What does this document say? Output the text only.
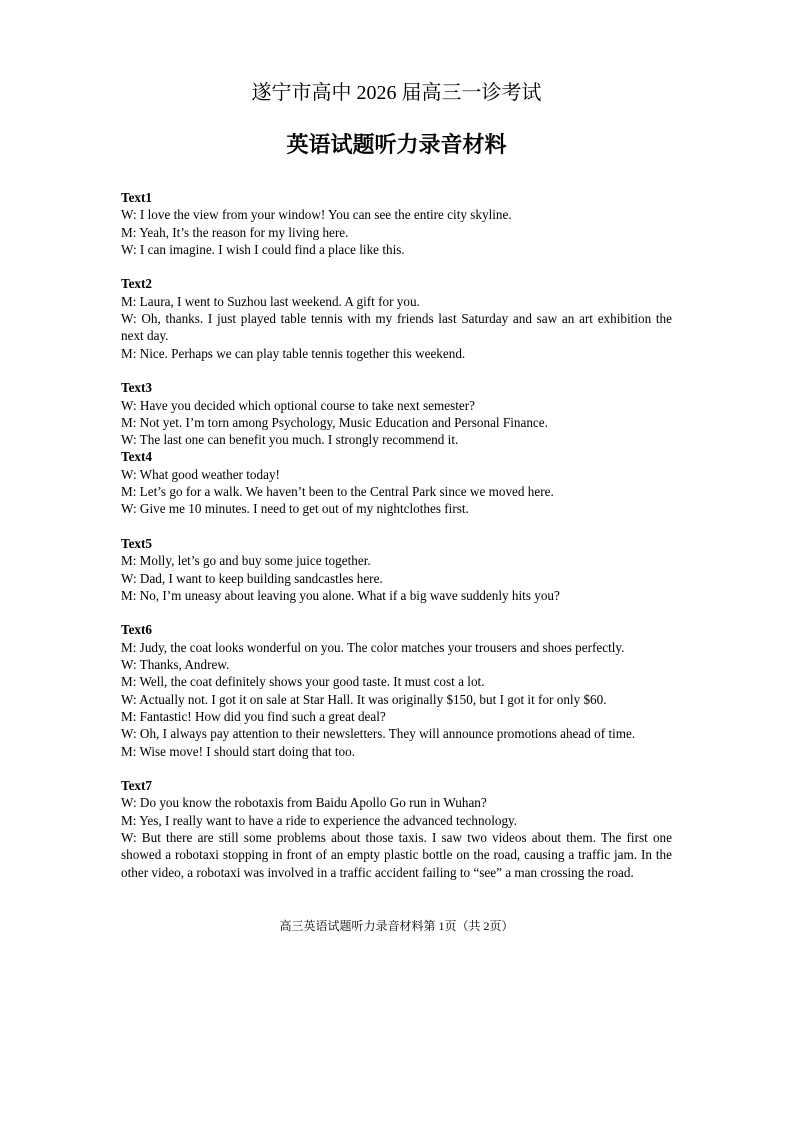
遂宁市高中 2026 届高三一诊考试
英语试题听力录音材料
Text1
W: I love the view from your window! You can see the entire city skyline.
M: Yeah, It’s the reason for my living here.
W: I can imagine. I wish I could find a place like this.
Text2
M: Laura, I went to Suzhou last weekend. A gift for you.
W: Oh, thanks. I just played table tennis with my friends last Saturday and saw an art exhibition the next day.
M: Nice. Perhaps we can play table tennis together this weekend.
Text3
W: Have you decided which optional course to take next semester?
M: Not yet. I’m torn among Psychology, Music Education and Personal Finance.
W: The last one can benefit you much. I strongly recommend it.
Text4
W: What good weather today!
M: Let’s go for a walk. We haven’t been to the Central Park since we moved here.
W: Give me 10 minutes. I need to get out of my nightclothes first.
Text5
M: Molly, let’s go and buy some juice together.
W: Dad, I want to keep building sandcastles here.
M: No, I’m uneasy about leaving you alone. What if a big wave suddenly hits you?
Text6
M: Judy, the coat looks wonderful on you. The color matches your trousers and shoes perfectly.
W: Thanks, Andrew.
M: Well, the coat definitely shows your good taste. It must cost a lot.
W: Actually not. I got it on sale at Star Hall. It was originally $150, but I got it for only $60.
M: Fantastic! How did you find such a great deal?
W: Oh, I always pay attention to their newsletters. They will announce promotions ahead of time.
M: Wise move! I should start doing that too.
Text7
W: Do you know the robotaxis from Baidu Apollo Go run in Wuhan?
M: Yes, I really want to have a ride to experience the advanced technology.
W: But there are still some problems about those taxis. I saw two videos about them. The first one showed a robotaxi stopping in front of an empty plastic bottle on the road, causing a traffic jam. In the other video, a robotaxi was involved in a traffic accident failing to “see” a man crossing the road.
高三英语试题听力录音材料第 1页（共 2页）
